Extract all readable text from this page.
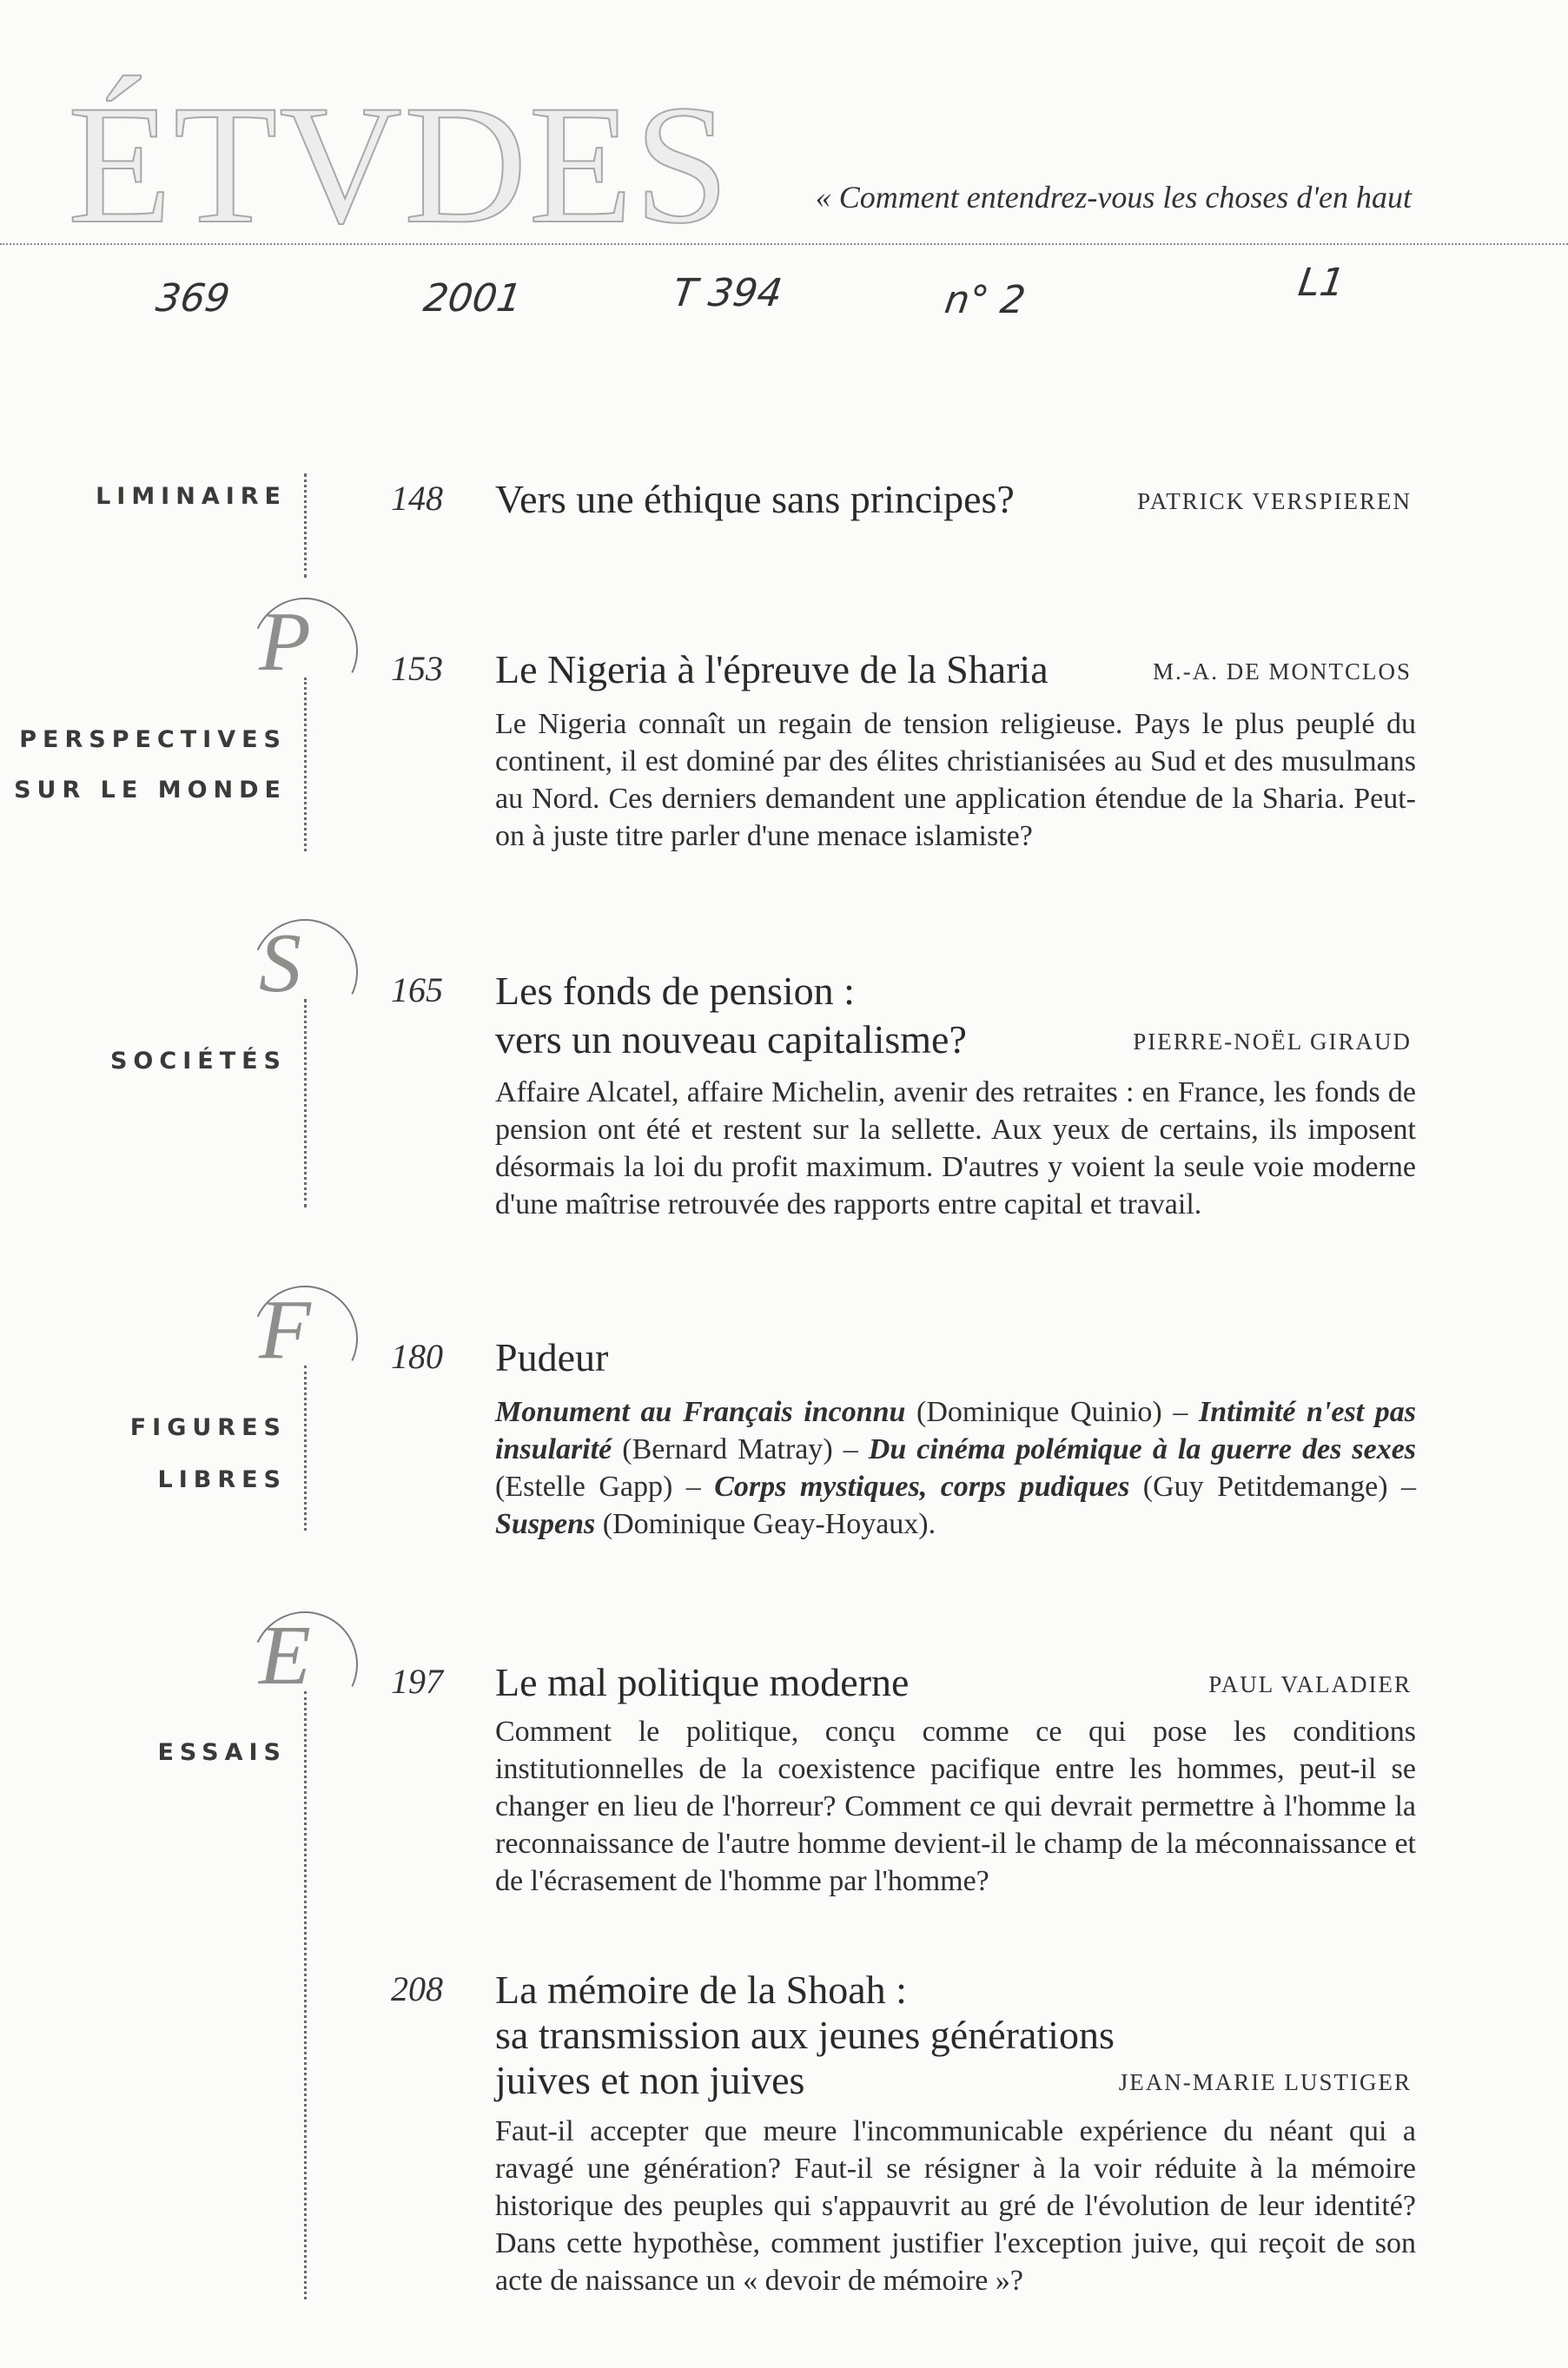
ÉTVDES	« Comment entendrez-vous les choses d'en haut
369	2001	T 394	n° 2	L1
LIMINAIRE	148 Vers une éthique sans principes?	PATRICK VERSPIEREN
P
PERSPECTIVES
SUR LE MONDE
153 Le Nigeria à l'épreuve de la Sharia	M.-A. DE MONTCLOS
Le Nigeria connaît un regain de tension religieuse. Pays le plus peuplé du continent, il est dominé par des élites christianisées au Sud et des musulmans au Nord. Ces derniers demandent une application étendue de la Sharia. Peut-on à juste titre parler d'une menace islamiste?
S
SOCIÉTÉS
165 Les fonds de pension :
vers un nouveau capitalisme?	PIERRE-NOËL GIRAUD
Affaire Alcatel, affaire Michelin, avenir des retraites : en France, les fonds de pension ont été et restent sur la sellette. Aux yeux de certains, ils imposent désormais la loi du profit maximum. D'autres y voient la seule voie moderne d'une maîtrise retrouvée des rapports entre capital et travail.
F
FIGURES LIBRES
180 Pudeur
Monument au Français inconnu (Dominique Quinio) – Intimité n'est pas insularité (Bernard Matray) – Du cinéma polémique à la guerre des sexes (Estelle Gapp) – Corps mystiques, corps pudiques (Guy Petitdemange) – Suspens (Dominique Geay-Hoyaux).
E
ESSAIS
197 Le mal politique moderne	PAUL VALADIER
Comment le politique, conçu comme ce qui pose les conditions institutionnelles de la coexistence pacifique entre les hommes, peut-il se changer en lieu de l'horreur? Comment ce qui devrait permettre à l'homme la reconnaissance de l'autre homme devient-il le champ de la méconnaissance et de l'écrasement de l'homme par l'homme?
208 La mémoire de la Shoah :
sa transmission aux jeunes générations
juives et non juives	JEAN-MARIE LUSTIGER
Faut-il accepter que meure l'incommunicable expérience du néant qui a ravagé une génération? Faut-il se résigner à la voir réduite à la mémoire historique des peuples qui s'appauvrit au gré de l'évolution de leur identité? Dans cette hypothèse, comment justifier l'exception juive, qui reçoit de son acte de naissance un « devoir de mémoire »?
